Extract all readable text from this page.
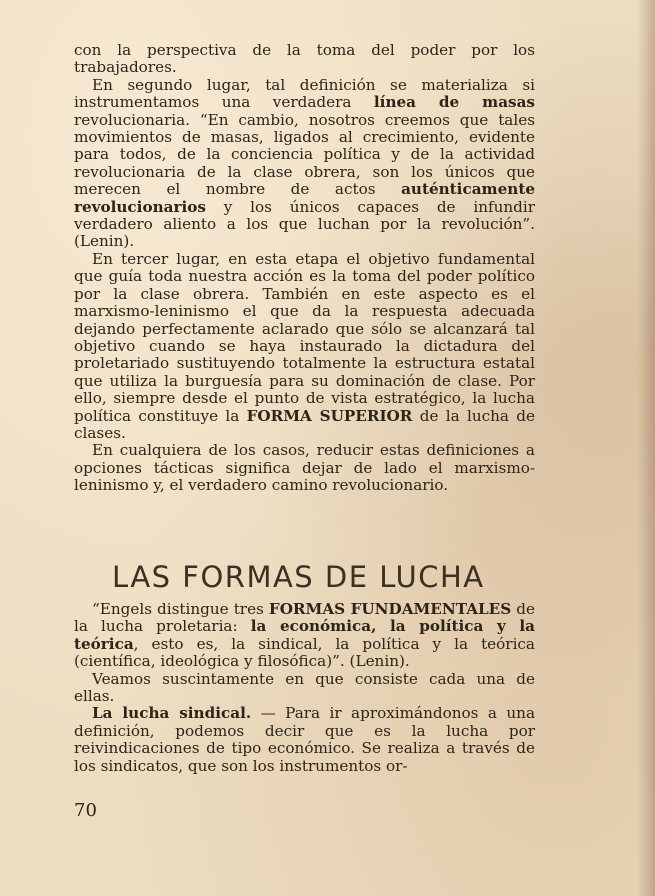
con la perspectiva de la toma del poder por los trabajadores.

En segundo lugar, tal definición se materializa si instrumentamos una verdadera línea de masas revolucionaria. “En cambio, nosotros creemos que tales movimientos de masas, ligados al crecimiento, evidente para todos, de la conciencia política y de la actividad revolucionaria de la clase obrera, son los únicos que merecen el nombre de actos auténticamente revolucionarios y los únicos capaces de infundir verdadero aliento a los que luchan por la revolución”. (Lenin).

En tercer lugar, en esta etapa el objetivo fundamental que guía toda nuestra acción es la toma del poder político por la clase obrera. También en este aspecto es el marxismo-leninismo el que da la respuesta adecuada dejando perfectamente aclarado que sólo se alcanzará tal objetivo cuando se haya instaurado la dictadura del proletariado sustituyendo totalmente la estructura estatal que utiliza la burguesía para su dominación de clase. Por ello, siempre desde el punto de vista estratégico, la lucha política constituye la FORMA SUPERIOR de la lucha de clases.

En cualquiera de los casos, reducir estas definiciones a opciones tácticas significa dejar de lado el marxismo-leninismo y, el verdadero camino revolucionario.

LAS FORMAS DE LUCHA

“Engels distingue tres FORMAS FUNDAMENTALES de la lucha proletaria: la económica, la política y la teórica, esto es, la sindical, la política y la teórica (científica, ideológica y filosófica)”. (Lenin).

Veamos suscintamente en que consiste cada una de ellas.

La lucha sindical. — Para ir aproximándonos a una definición, podemos decir que es la lucha por reivindicaciones de tipo económico. Se realiza a través de los sindicatos, que son los instrumentos or-

70
